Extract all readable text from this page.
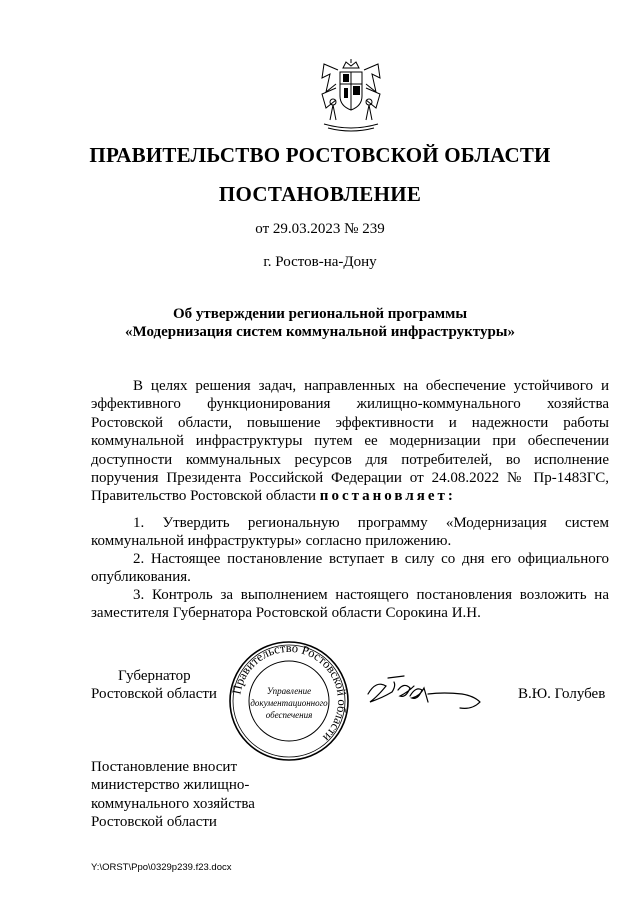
ПРАВИТЕЛЬСТВО РОСТОВСКОЙ ОБЛАСТИ
ПОСТАНОВЛЕНИЕ
от 29.03.2023 № 239
г. Ростов-на-Дону
Об утверждении региональной программы
«Модернизация систем коммунальной инфраструктуры»
В целях решения задач, направленных на обеспечение устойчивого и эффективного функционирования жилищно-коммунального хозяйства Ростовской области, повышение эффективности и надежности работы коммунальной инфраструктуры путем ее модернизации при обеспечении доступности коммунальных ресурсов для потребителей, во исполнение поручения Президента Российской Федерации от 24.08.2022 № Пр-1483ГС, Правительство Ростовской области постановляет:
1. Утвердить региональную программу «Модернизация систем коммунальной инфраструктуры» согласно приложению.
2. Настоящее постановление вступает в силу со дня его официального опубликования.
3. Контроль за выполнением настоящего постановления возложить на заместителя Губернатора Ростовской области Сорокина И.Н.
Губернатор
Ростовской области Правительство Ростовской области
Управление
документационного
обеспечения
В.Ю. Голубев
Постановление вносит
министерство жилищно-
коммунального хозяйства
Ростовской области
Y:\ORST\Ppo\0329p239.f23.docx
